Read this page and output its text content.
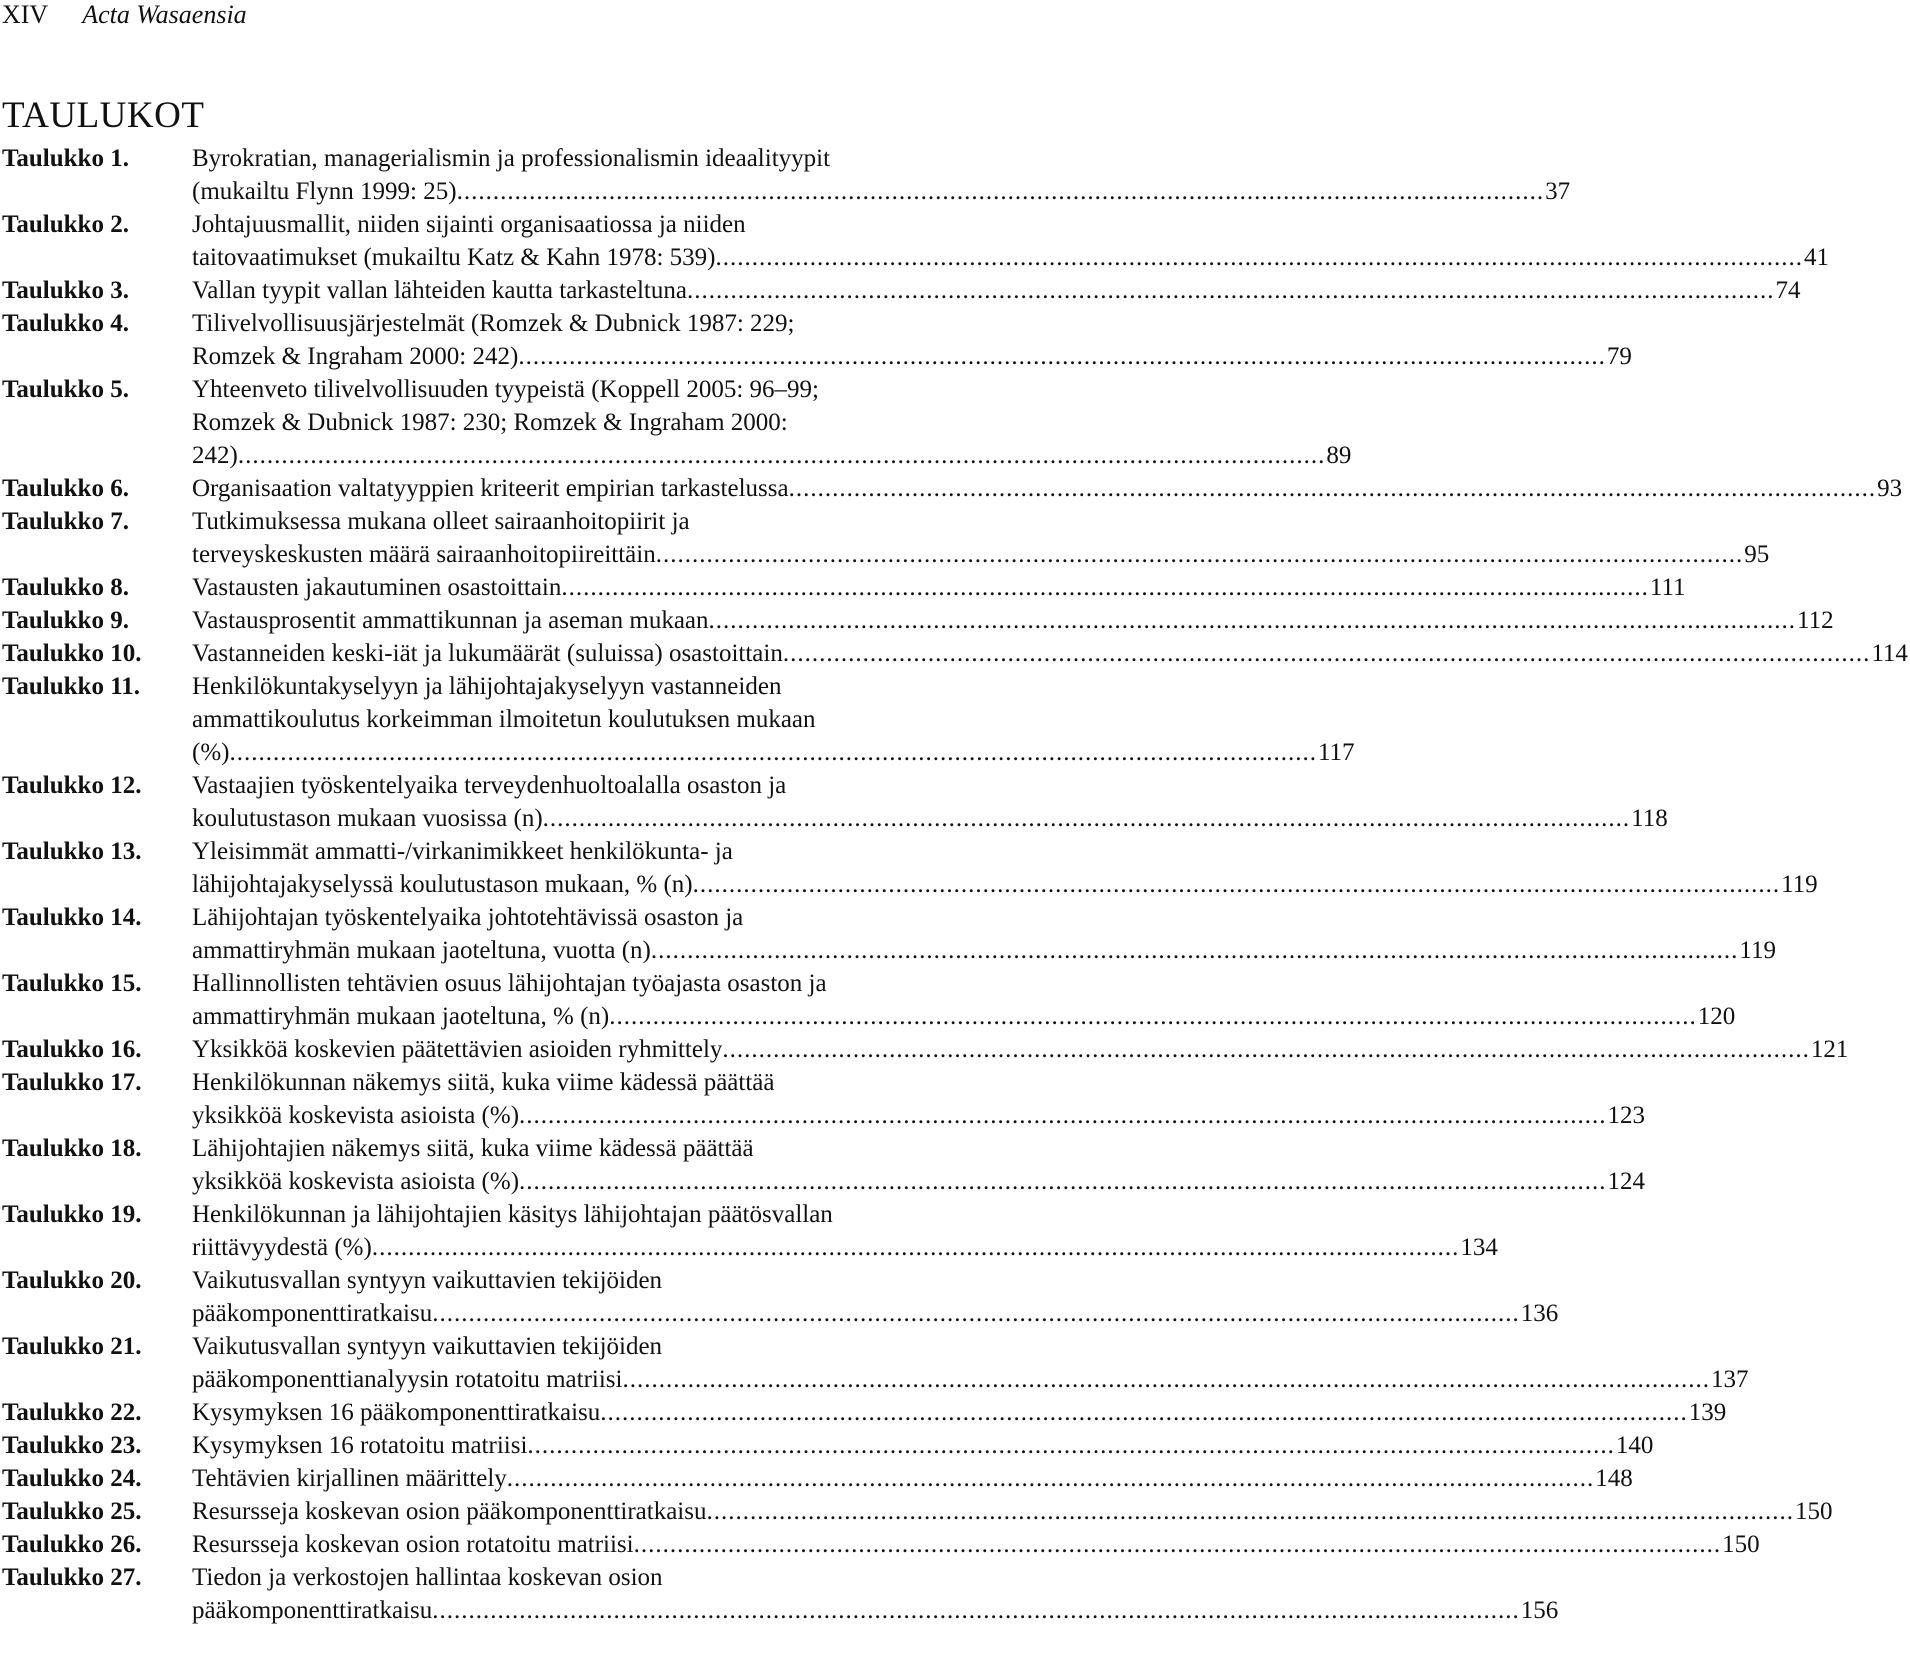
XIV Acta Wasaensia
TAULUKOT
Taulukko 1.	Byrokratian, managerialismin ja professionalismin ideaalityypit
(mukailtu Flynn 1999: 25) .....	37
Taulukko 2.	Johtajuusmallit, niiden sijainti organisaatiossa ja niiden
taitovaatimukset (mukailtu Katz & Kahn 1978: 539) .....	41
Taulukko 3.	Vallan tyypit vallan lähteiden kautta tarkasteltuna .....	74
Taulukko 4.	Tilivelvollisuusjärjestelmät (Romzek & Dubnick 1987: 229;
Romzek & Ingraham 2000: 242) .....	79
Taulukko 5.	Yhteenveto tilivelvollisuuden tyypeistä (Koppell 2005: 96–99;
Romzek & Dubnick 1987: 230; Romzek & Ingraham 2000:
242) .....	89
Taulukko 6.	Organisaation valtatyyppien kriteerit empirian tarkastelussa .....	93
Taulukko 7.	Tutkimuksessa mukana olleet sairaanhoitopiirit ja
terveyskeskusten määrä sairaanhoitopiireittäin .....	95
Taulukko 8.	Vastausten jakautuminen osastoittain .....	111
Taulukko 9.	Vastausprosentit ammattikunnan ja aseman mukaan .....	112
Taulukko 10.	Vastanneiden keski-iät ja lukumäärät (suluissa) osastoittain .....	114
Taulukko 11.	Henkilökuntakyselyyn ja lähijohtajakyselyyn vastanneiden
ammattikoulutus korkeimman ilmoitetun koulutuksen mukaan
(%) .....	117
Taulukko 12.	Vastaajien työskentelyaika terveydenhuoltoalalla osaston ja
koulutustason mukaan vuosissa (n) .....	118
Taulukko 13.	Yleisimmät ammatti-/virkanimikkeet henkilökunta- ja
lähijohtajakyselyssä koulutustason mukaan, % (n) .....	119
Taulukko 14.	Lähijohtajan työskentelyaika johtotehtävissä osaston ja
ammattiryhmän mukaan jaoteltuna, vuotta (n) .....	119
Taulukko 15.	Hallinnollisten tehtävien osuus lähijohtajan työajasta osaston ja
ammattiryhmän mukaan jaoteltuna, % (n) .....	120
Taulukko 16.	Yksikköä koskevien päätettävien asioiden ryhmittely .....	121
Taulukko 17.	Henkilökunnan näkemys siitä, kuka viime kädessä päättää
yksikköä koskevista asioista (%) .....	123
Taulukko 18.	Lähijohtajien näkemys siitä, kuka viime kädessä päättää
yksikköä koskevista asioista (%) .....	124
Taulukko 19.	Henkilökunnan ja lähijohtajien käsitys lähijohtajan päätösvallan
riittävyydestä (%) .....	134
Taulukko 20.	Vaikutusvallan syntyyn vaikuttavien tekijöiden
pääkomponenttiratkaisu .....	136
Taulukko 21.	Vaikutusvallan syntyyn vaikuttavien tekijöiden
pääkomponenttianalyysin rotatoitu matriisi .....	137
Taulukko 22.	Kysymyksen 16 pääkomponenttiratkaisu .....	139
Taulukko 23.	Kysymyksen 16 rotatoitu matriisi .....	140
Taulukko 24.	Tehtävien kirjallinen määrittely .....	148
Taulukko 25.	Resursseja koskevan osion pääkomponenttiratkaisu .....	150
Taulukko 26.	Resursseja koskevan osion rotatoitu matriisi .....	150
Taulukko 27.	Tiedon ja verkostojen hallintaa koskevan osion
pääkomponenttiratkaisu .....	156
